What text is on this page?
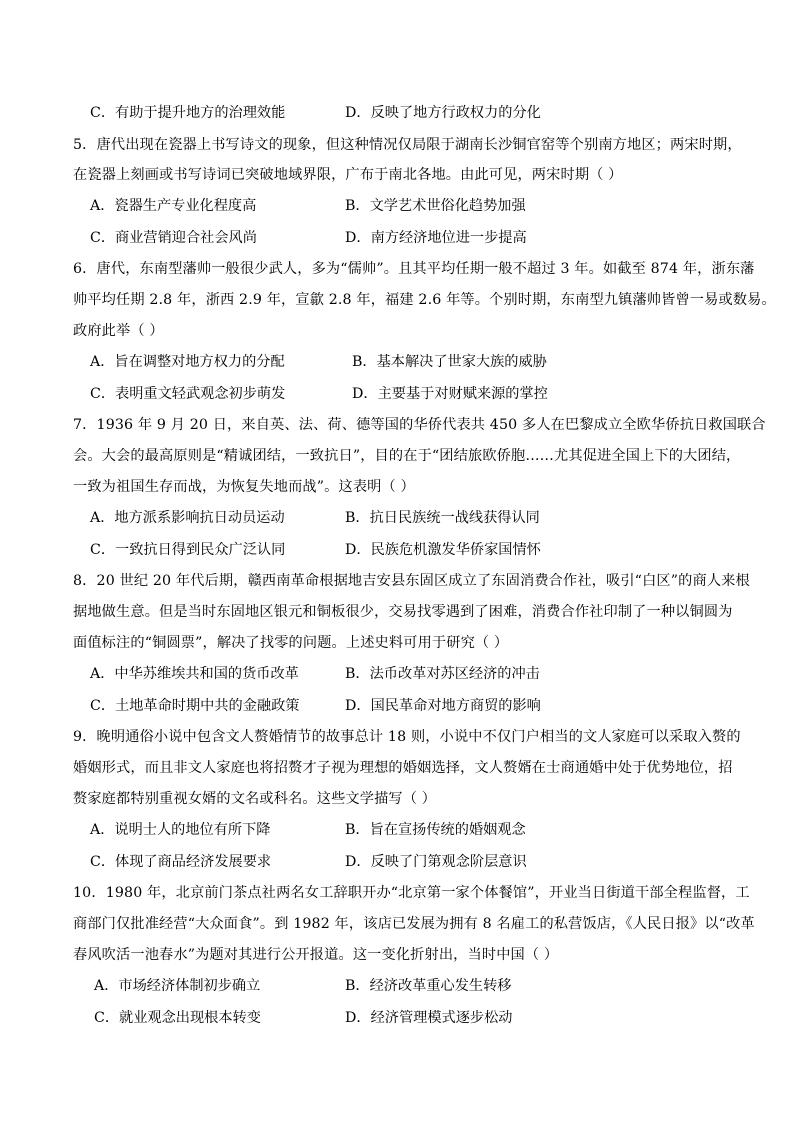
C．有助于提升地方的治理效能	D．反映了地方行政权力的分化
5．唐代出现在瓷器上书写诗文的现象，但这种情况仅局限于湖南长沙铜官窑等个别南方地区；两宋时期，
在瓷器上刻画或书写诗词已突破地域界限，广布于南北各地。由此可见，两宋时期（ ）
A．瓷器生产专业化程度高	B．文学艺术世俗化趋势加强
C．商业营销迎合社会风尚	D．南方经济地位进一步提高
6．唐代，东南型藩帅一般很少武人，多为“儒帅”。且其平均任期一般不超过 3 年。如截至 874 年，浙东藩
帅平均任期 2.8 年，浙西 2.9 年，宣歙 2.8 年，福建 2.6 年等。个别时期，东南型九镇藩帅皆曾一易或数易。
政府此举（ ）
A．旨在调整对地方权力的分配	B．基本解决了世家大族的威胁
C．表明重文轻武观念初步萌发	D．主要基于对财赋来源的掌控
7．1936 年 9 月 20 日，来自英、法、荷、德等国的华侨代表共 450 多人在巴黎成立全欧华侨抗日救国联合
会。大会的最高原则是“精诚团结，一致抗日”，目的在于“团结旅欧侨胞……尤其促进全国上下的大团结，
一致为祖国生存而战，为恢复失地而战”。这表明（ ）
A．地方派系影响抗日动员运动	B．抗日民族统一战线获得认同
C．一致抗日得到民众广泛认同	D．民族危机激发华侨家国情怀
8．20 世纪 20 年代后期，赣西南革命根据地吉安县东固区成立了东固消费合作社，吸引“白区”的商人来根
据地做生意。但是当时东固地区银元和铜板很少，交易找零遇到了困难，消费合作社印制了一种以铜圆为
面值标注的“铜圆票”，解决了找零的问题。上述史料可用于研究（ ）
A．中华苏维埃共和国的货币改革	B．法币改革对苏区经济的冲击
C．土地革命时期中共的金融政策	D．国民革命对地方商贸的影响
9．晚明通俗小说中包含文人赘婚情节的故事总计 18 则，小说中不仅门户相当的文人家庭可以采取入赘的
婚姻形式，而且非文人家庭也将招赘才子视为理想的婚姻选择，文人赘婿在士商通婚中处于优势地位，招
赘家庭都特别重视女婿的文名或科名。这些文学描写（ ）
A．说明士人的地位有所下降	B．旨在宣扬传统的婚姻观念
C．体现了商品经济发展要求	D．反映了门第观念阶层意识
10．1980 年，北京前门茶点社两名女工辞职开办“北京第一家个体餐馆”，开业当日街道干部全程监督，工
商部门仅批准经营“大众面食”。到 1982 年，该店已发展为拥有 8 名雇工的私营饭店，《人民日报》以“改革
春风吹活一池春水”为题对其进行公开报道。这一变化折射出，当时中国（ ）
A．市场经济体制初步确立	B．经济改革重心发生转移
C．就业观念出现根本转变	D．经济管理模式逐步松动
